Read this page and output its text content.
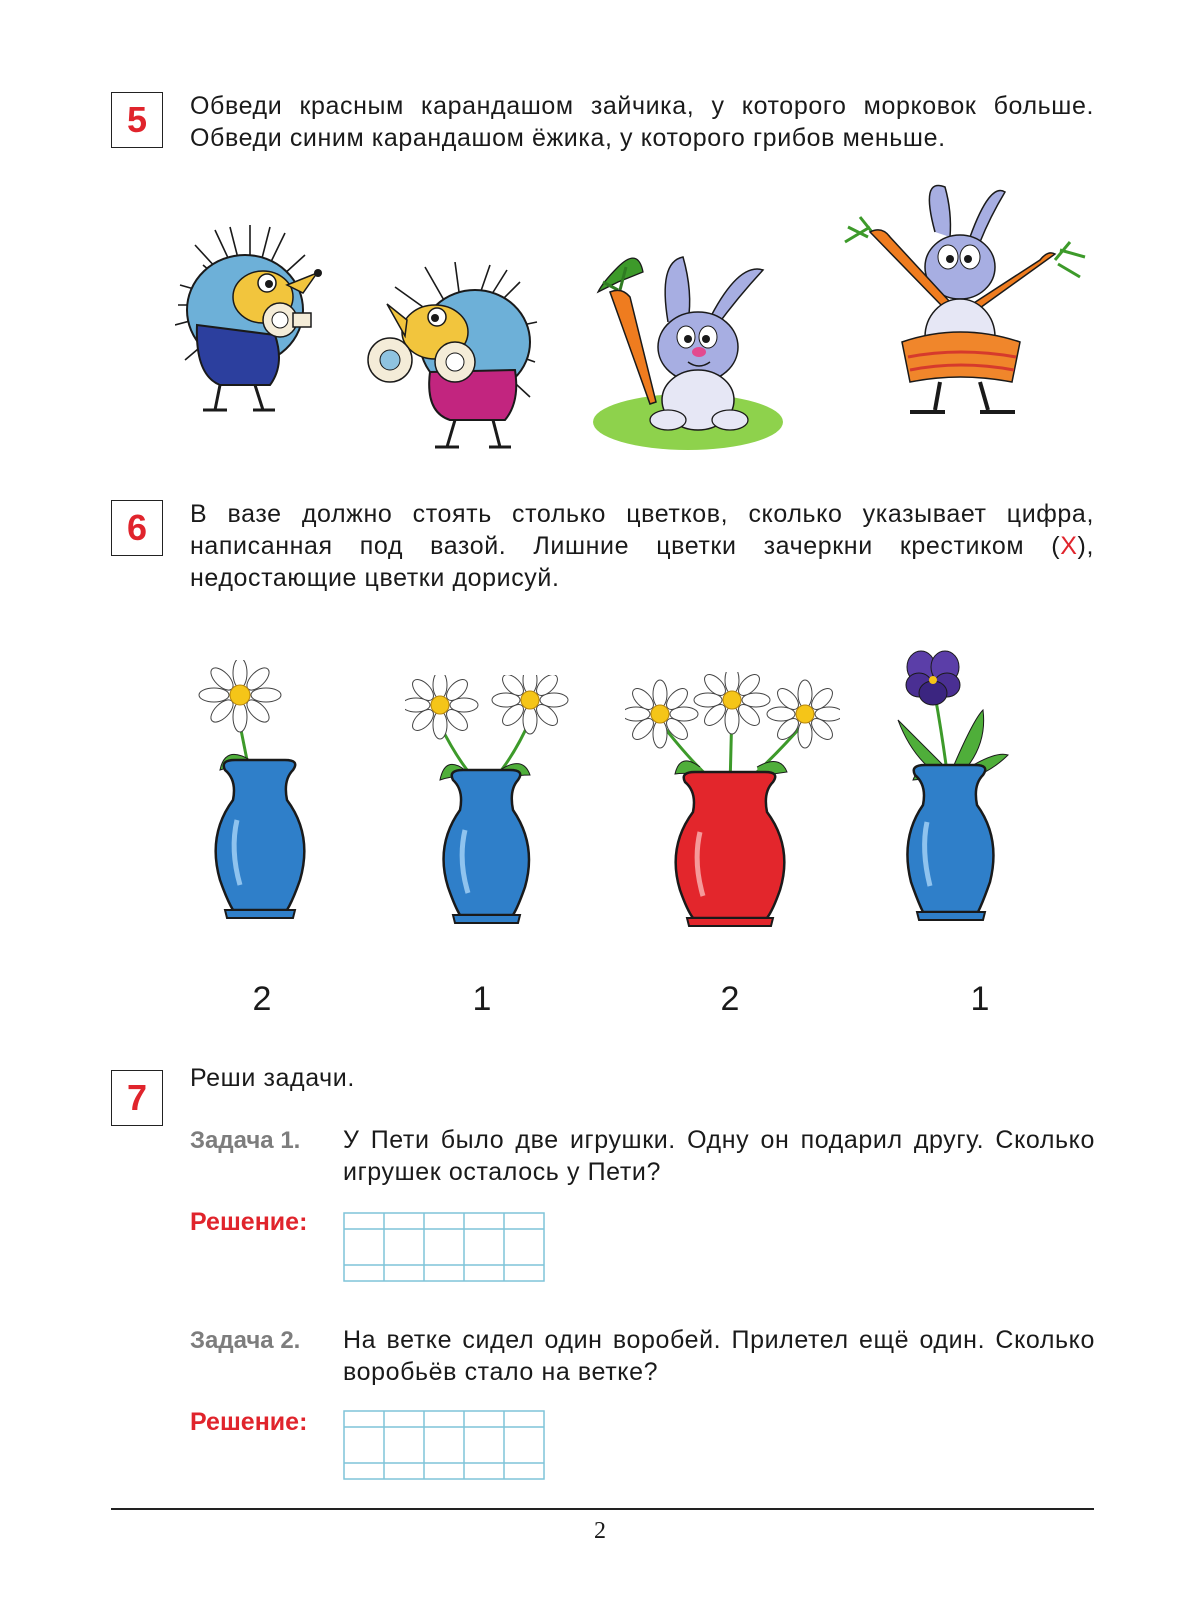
5	Обведи красным карандашом зайчика, у которого морковок больше. Обведи синим карандашом ёжика, у которого грибов меньше.
6	В вазе должно стоять столько цветков, сколько указывает цифра, написанная под вазой. Лишние цветки зачеркни крестиком (X), недостающие цветки дорисуй.
2	1	2	1
7	Реши задачи.
Задача 1. У Пети было две игрушки. Одну он подарил другу. Сколько игрушек осталось у Пети?
Решение:
Задача 2. На ветке сидел один воробей. Прилетел ещё один. Сколько воробьёв стало на ветке?
Решение:
2
